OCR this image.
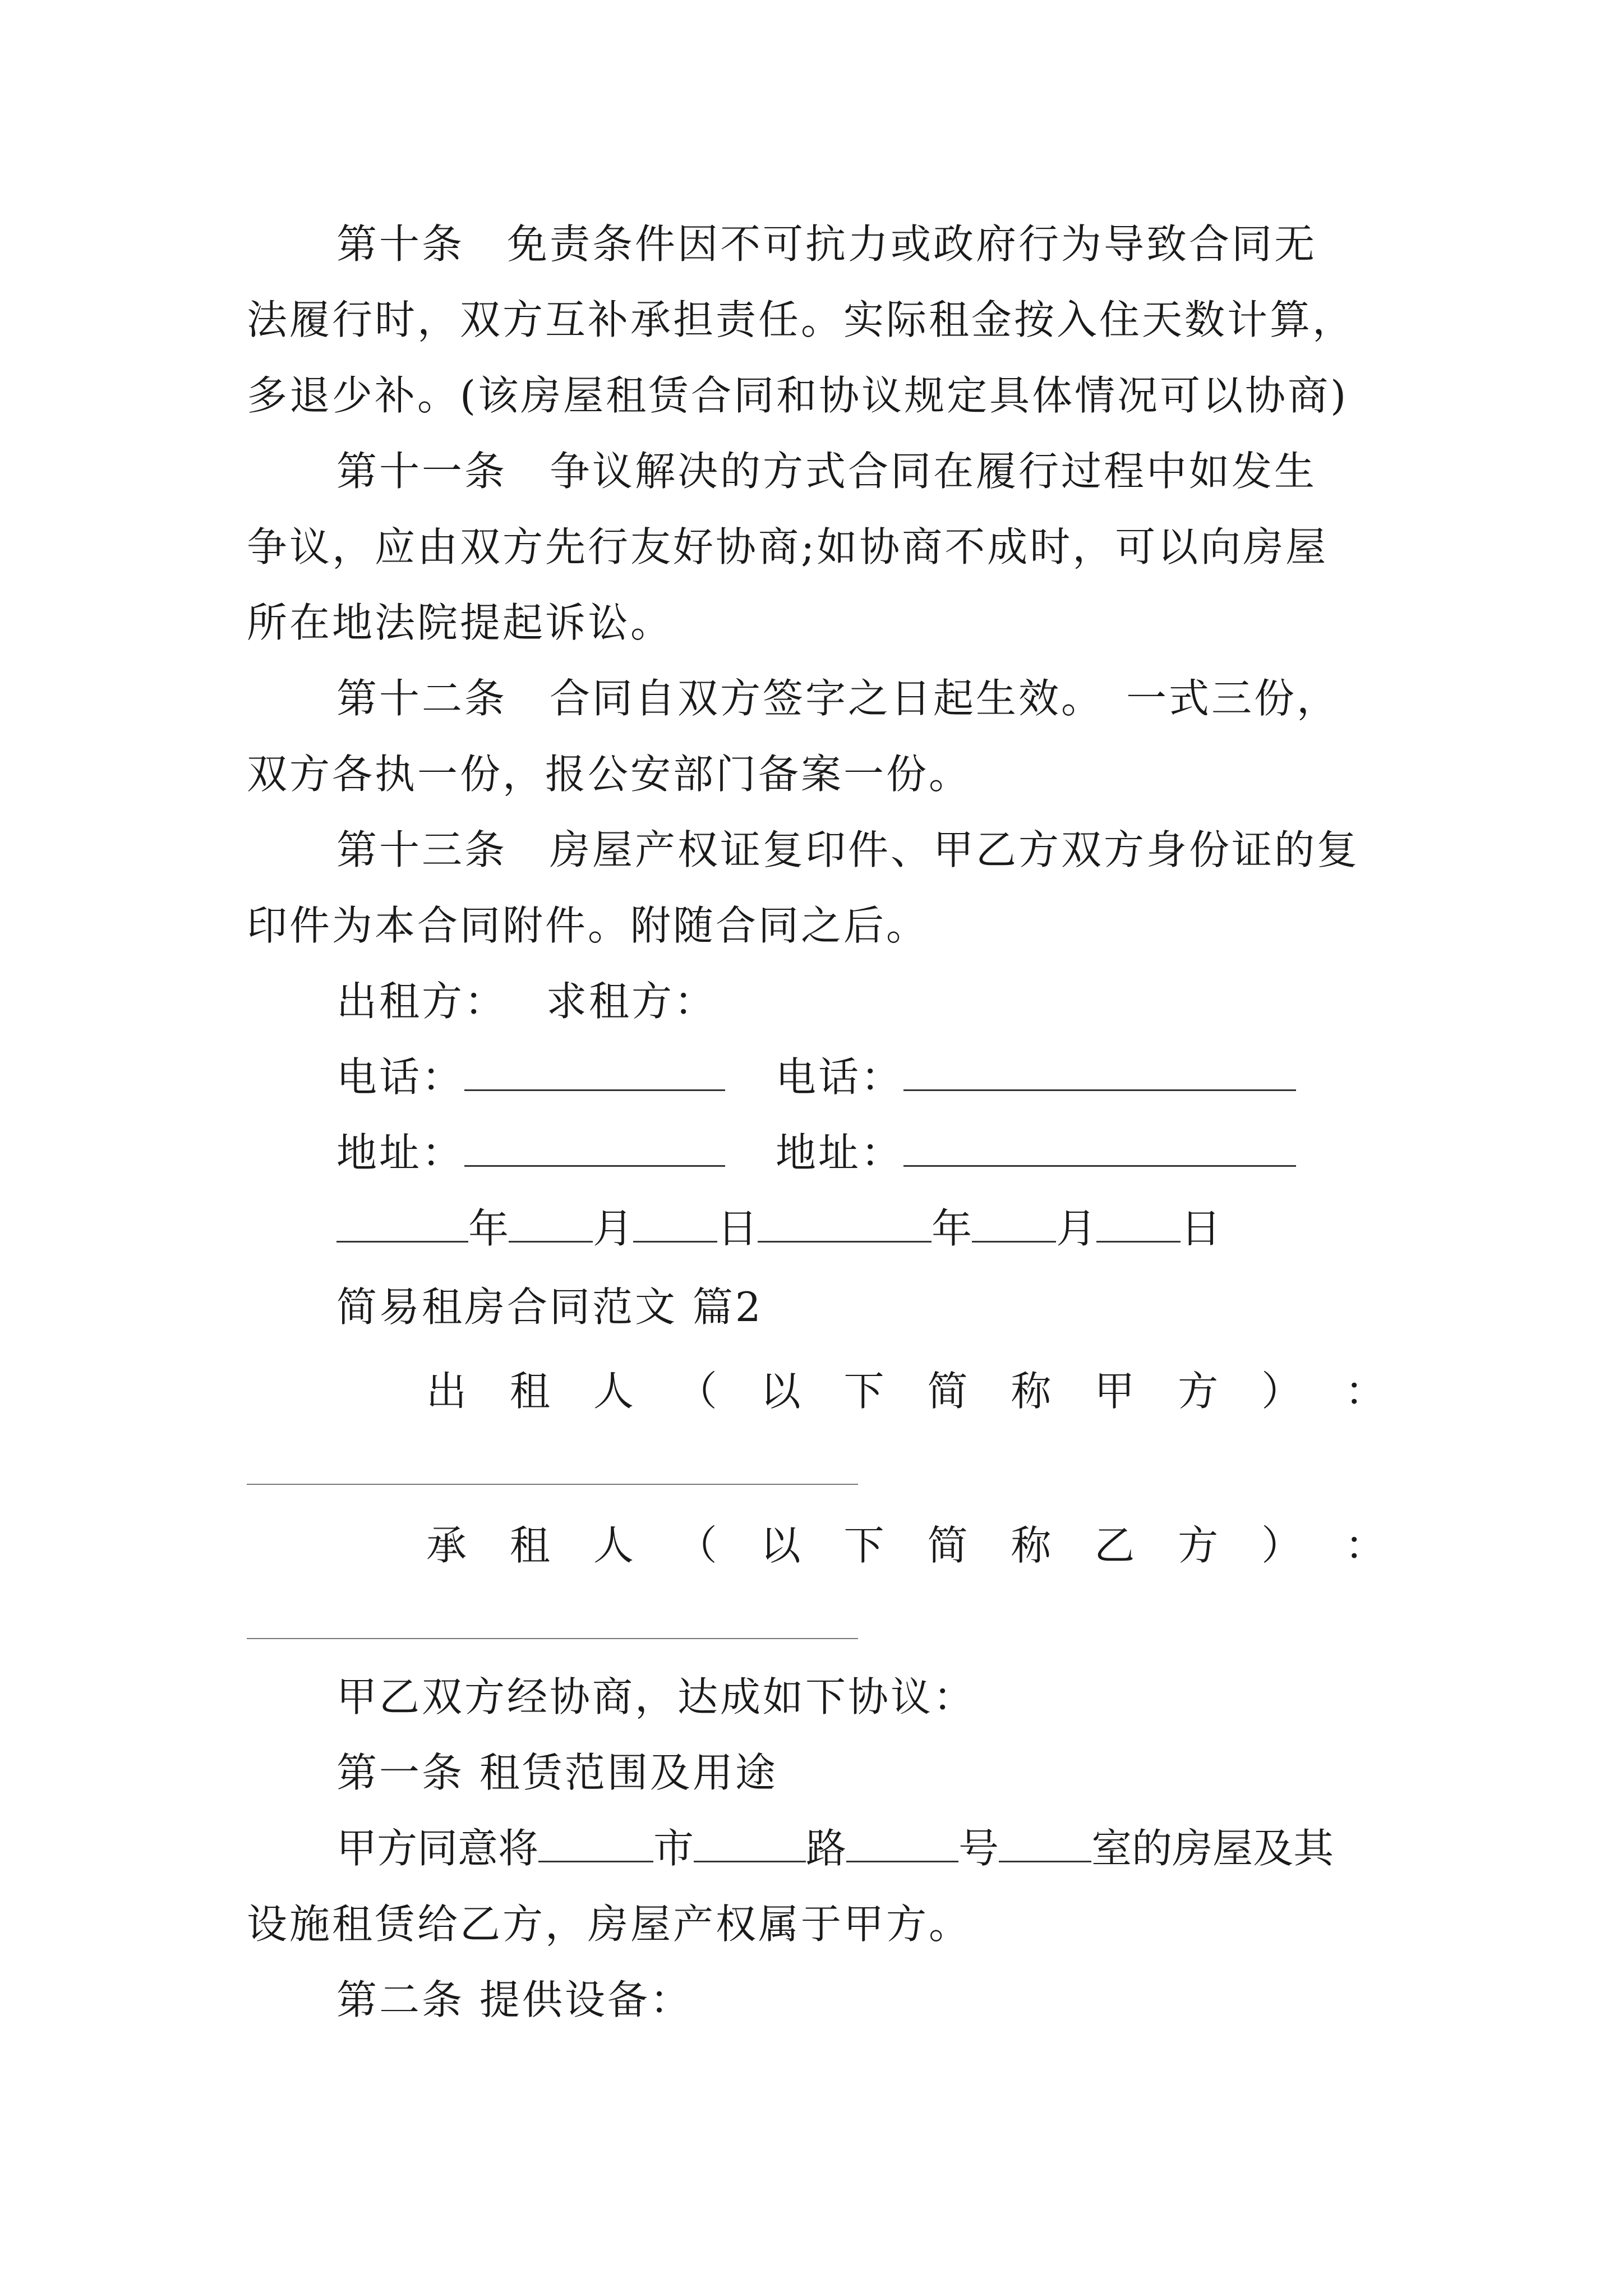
第十条　免责条件因不可抗力或政府行为导致合同无
法履行时，双方互补承担责任。实际租金按入住天数计算，
多退少补。(该房屋租赁合同和协议规定具体情况可以协商)
第十一条　争议解决的方式合同在履行过程中如发生
争议，应由双方先行友好协商;如协商不成时，可以向房屋
所在地法院提起诉讼。
第十二条　合同自双方签字之日起生效。　一式三份，
双方各执一份，报公安部门备案一份。
第十三条　房屋产权证复印件、甲乙方双方身份证的复
印件为本合同附件。附随合同之后。
出租方： 求租方：
电话：	电话：
地址：	地址：
年 月 日	年 月 日
简易租房合同范文 篇2
出 租 人 （ 以 下 简 称 甲 方 ） ：
承 租 人 （ 以 下 简 称 乙 方 ） ：
甲乙双方经协商，达成如下协议：
第一条 租赁范围及用途
甲方同意将	市	路	号 室的房屋及其
设施租赁给乙方，房屋产权属于甲方。
第二条 提供设备：
